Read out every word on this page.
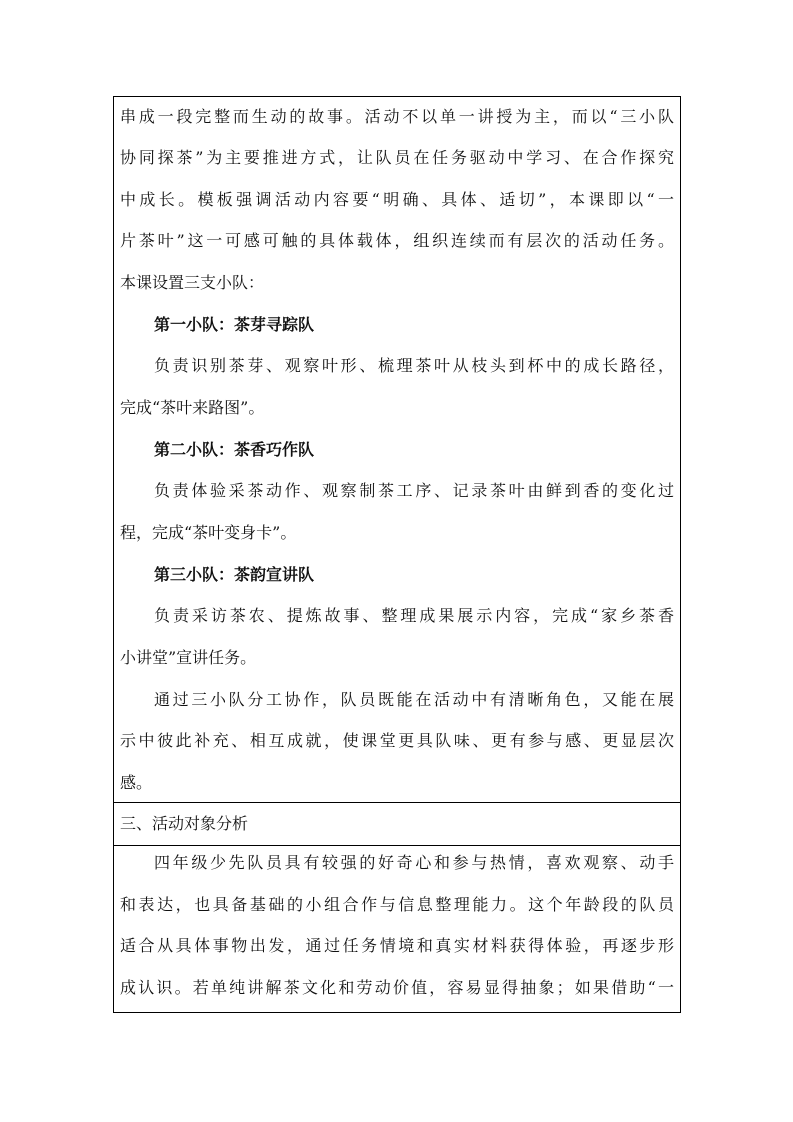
串成一段完整而生动的故事。活动不以单一讲授为主，而以“三小队
协同探茶”为主要推进方式，让队员在任务驱动中学习、在合作探究
中成长。模板强调活动内容要“明确、具体、适切”，本课即以“一
片茶叶”这一可感可触的具体载体，组织连续而有层次的活动任务。
本课设置三支小队：
第一小队：茶芽寻踪队
负责识别茶芽、观察叶形、梳理茶叶从枝头到杯中的成长路径，
完成“茶叶来路图”。
第二小队：茶香巧作队
负责体验采茶动作、观察制茶工序、记录茶叶由鲜到香的变化过
程，完成“茶叶变身卡”。
第三小队：茶韵宣讲队
负责采访茶农、提炼故事、整理成果展示内容，完成“家乡茶香
小讲堂”宣讲任务。
通过三小队分工协作，队员既能在活动中有清晰角色，又能在展
示中彼此补充、相互成就，使课堂更具队味、更有参与感、更显层次
感。
三、活动对象分析
四年级少先队员具有较强的好奇心和参与热情，喜欢观察、动手
和表达，也具备基础的小组合作与信息整理能力。这个年龄段的队员
适合从具体事物出发，通过任务情境和真实材料获得体验，再逐步形
成认识。若单纯讲解茶文化和劳动价值，容易显得抽象；如果借助“一
